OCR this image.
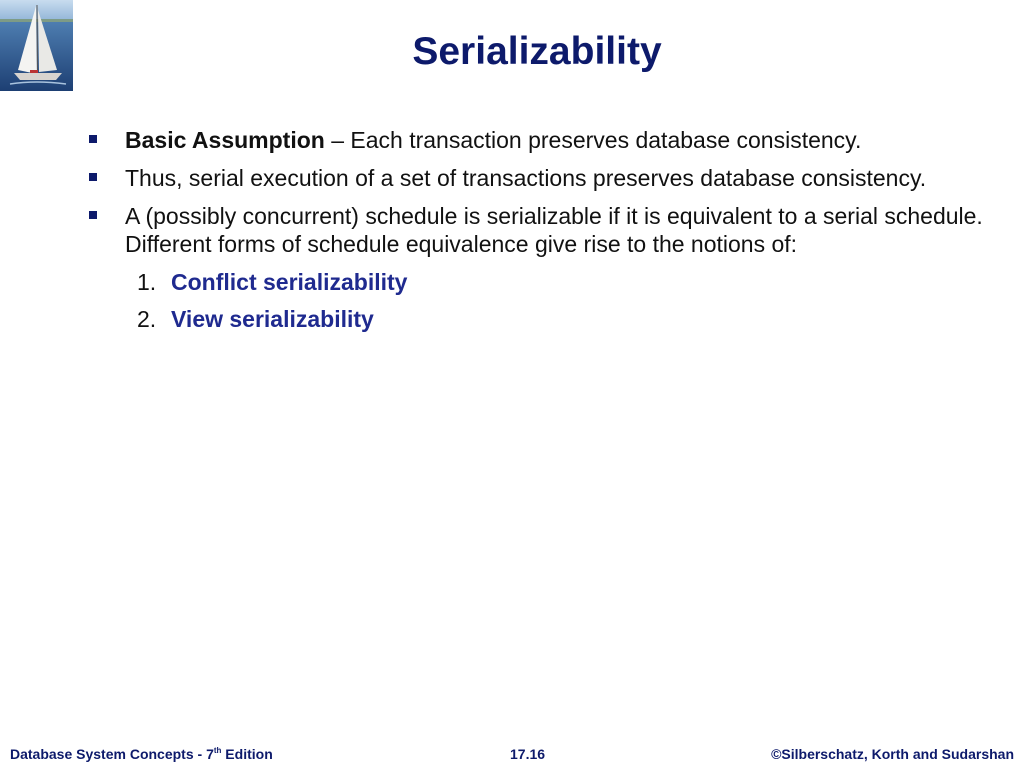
Serializability
Basic Assumption – Each transaction preserves database consistency.
Thus, serial execution of a set of transactions preserves database consistency.
A (possibly concurrent) schedule is serializable if it is equivalent to a serial schedule. Different forms of schedule equivalence give rise to the notions of:
1. Conflict serializability
2. View serializability
Database System Concepts - 7th Edition	17.16	©Silberschatz, Korth and Sudarshan
